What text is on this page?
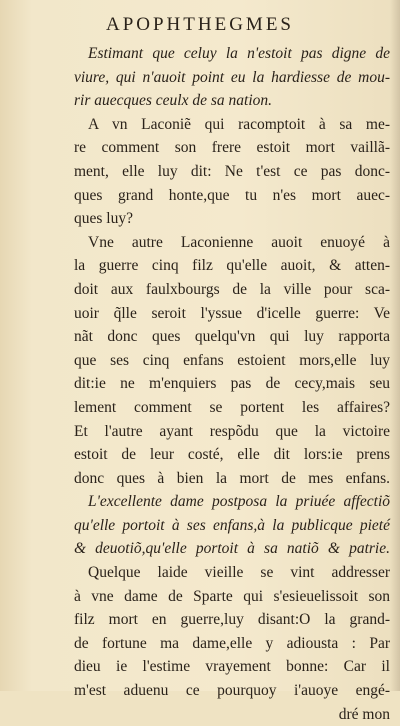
APOPHTHEGMES
Estimant que celuy la n'estoit pas digne de
viure, qui n'auoit point eu la hardiesse de mou-
rir auecques ceulx de sa nation.
A vn Laconiẽ qui racomptoit à sa me-
re comment son frere estoit mort vaillã-
ment, elle luy dit: Ne t'est ce pas donc-
ques grand honte,que tu n'es mort auec-
ques luy?
Vne autre Laconienne auoit enuoyé à
la guerre cinq filz qu'elle auoit, & atten-
doit aux faulxbourgs de la ville pour sca-
uoir q̃lle seroit l'yssue d'icelle guerre: Ve
nãt donc ques quelqu'vn qui luy rapporta
que ses cinq enfans estoient mors,elle luy
dit:ie ne m'enquiers pas de cecy,mais seu
lement comment se portent les affaires?
Et l'autre ayant respõdu que la victoire
estoit de leur costé, elle dit lors:ie prens
donc ques à bien la mort de mes enfans.
L'excellente dame postposa la priuée affectiõ
qu'elle portoit à ses enfans,à la publicque pieté
& deuotiõ,qu'elle portoit à sa natiõ & patrie.
Quelque laide vieille se vint addresser
à vne dame de Sparte qui s'esieuelissoit son
filz mort en guerre,luy disant:O la grand-
de fortune ma dame,elle y adiousta : Par
dieu ie l'estime vrayement bonne: Car il
m'est aduenu ce pourquoy i'auoye engé-
dré mon
